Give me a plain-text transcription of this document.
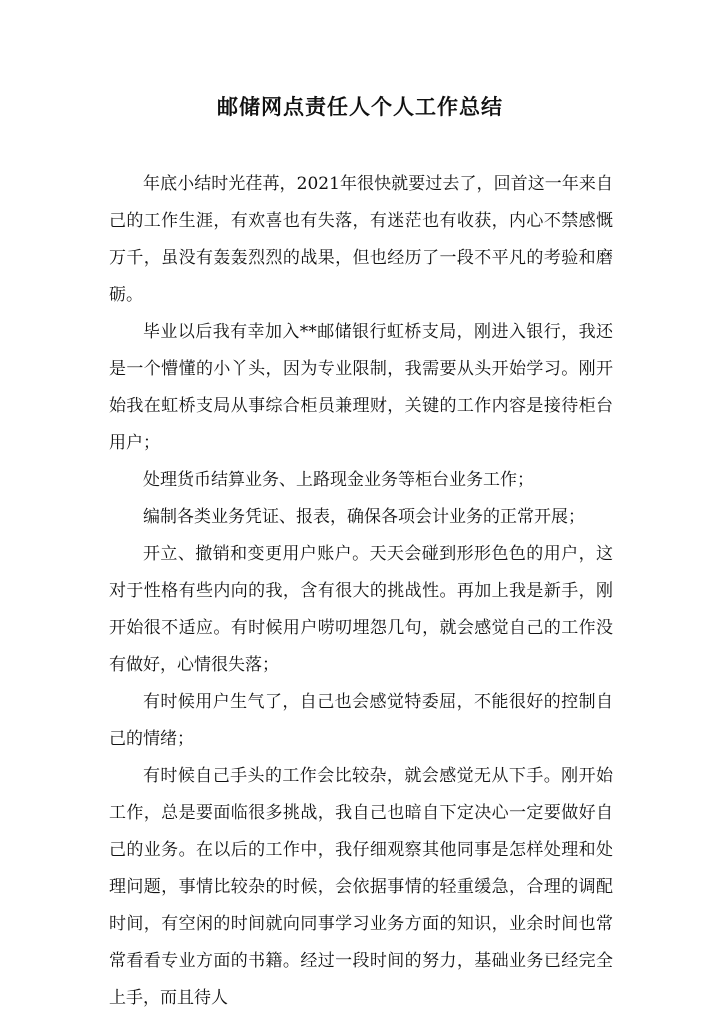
邮储网点责任人个人工作总结

年底小结时光荏苒，2021年很快就要过去了，回首这一年来自己的工作生涯，有欢喜也有失落，有迷茫也有收获，内心不禁感慨万千，虽没有轰轰烈烈的战果，但也经历了一段不平凡的考验和磨砺。

毕业以后我有幸加入**邮储银行虹桥支局，刚进入银行，我还是一个懵懂的小丫头，因为专业限制，我需要从头开始学习。刚开始我在虹桥支局从事综合柜员兼理财，关键的工作内容是接待柜台用户；

处理货币结算业务、上路现金业务等柜台业务工作；

编制各类业务凭证、报表，确保各项会计业务的正常开展；

开立、撤销和变更用户账户。天天会碰到形形色色的用户，这对于性格有些内向的我，含有很大的挑战性。再加上我是新手，刚开始很不适应。有时候用户唠叨埋怨几句，就会感觉自己的工作没有做好，心情很失落；

有时候用户生气了，自己也会感觉特委屈，不能很好的控制自己的情绪；

有时候自己手头的工作会比较杂，就会感觉无从下手。刚开始工作，总是要面临很多挑战，我自己也暗自下定决心一定要做好自己的业务。在以后的工作中，我仔细观察其他同事是怎样处理和处理问题，事情比较杂的时候，会依据事情的轻重缓急，合理的调配时间，有空闲的时间就向同事学习业务方面的知识，业余时间也常常看看专业方面的书籍。经过一段时间的努力，基础业务已经完全上手，而且待人
